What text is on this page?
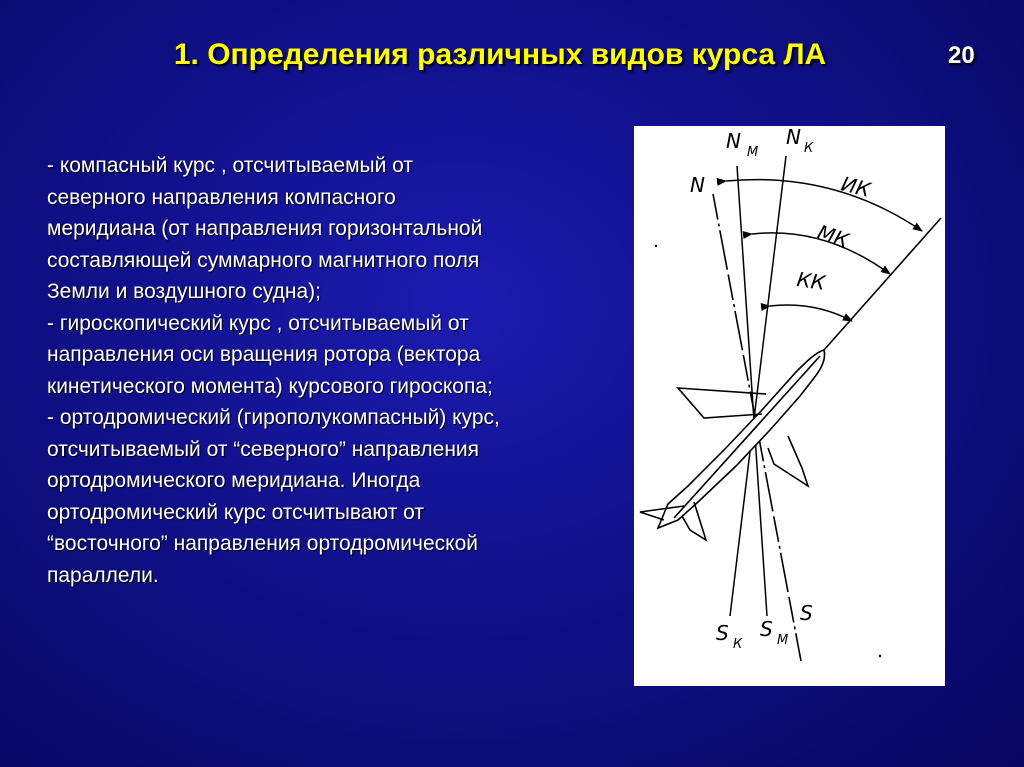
1. Определения различных видов курса ЛА	20
- компасный курс , отсчитываемый от
северного направления компасного
меридиана (от направления горизонтальной
составляющей суммарного магнитного поля
Земли и воздушного судна);
- гироскопический курс , отсчитываемый от
направления оси вращения ротора (вектора
кинетического момента) курсового гироскопа;
- ортодромический (гирополукомпасный) курс,
отсчитываемый от “северного” направления
ортодромического меридиана. Иногда
ортодромический курс отсчитывают от
“восточного” направления ортодромической
параллели.
N
N М
N К
ИК
МК
КК
S
S К
S М
